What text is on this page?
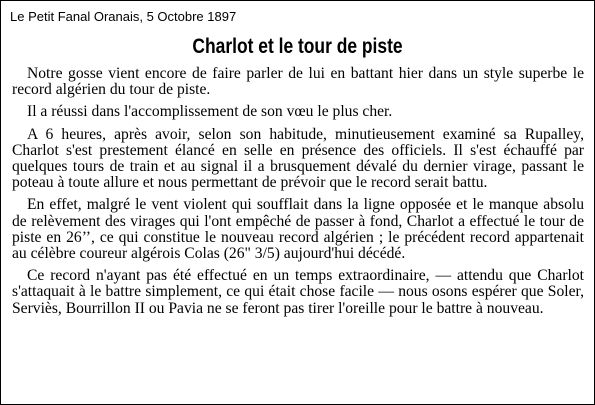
Le Petit Fanal Oranais, 5 Octobre 1897
Charlot et le tour de piste

Notre gosse vient encore de faire parler de lui en battant hier dans un style superbe le record algérien du tour de piste.

Il a réussi dans l'accomplissement de son vœu le plus cher.

A 6 heures, après avoir, selon son habitude, minutieusement examiné sa Rupalley, Charlot s'est prestement élancé en selle en présence des officiels. Il s'est échauffé par quelques tours de train et au signal il a brusquement dévalé du dernier virage, passant le poteau à toute allure et nous permettant de prévoir que le record serait battu.

En effet, malgré le vent violent qui soufflait dans la ligne opposée et le manque absolu de relèvement des virages qui l'ont empêché de passer à fond, Charlot a effectué le tour de piste en 26’’, ce qui constitue le nouveau record algérien ; le précédent record appartenait au célèbre coureur algérois Colas (26" 3/5) aujourd'hui décédé.

Ce record n'ayant pas été effectué en un temps extraordinaire, — attendu que Charlot s'attaquait à le battre simplement, ce qui était chose facile — nous osons espérer que Soler, Serviès, Bourrillon II ou Pavia ne se feront pas tirer l'oreille pour le battre à nouveau.
